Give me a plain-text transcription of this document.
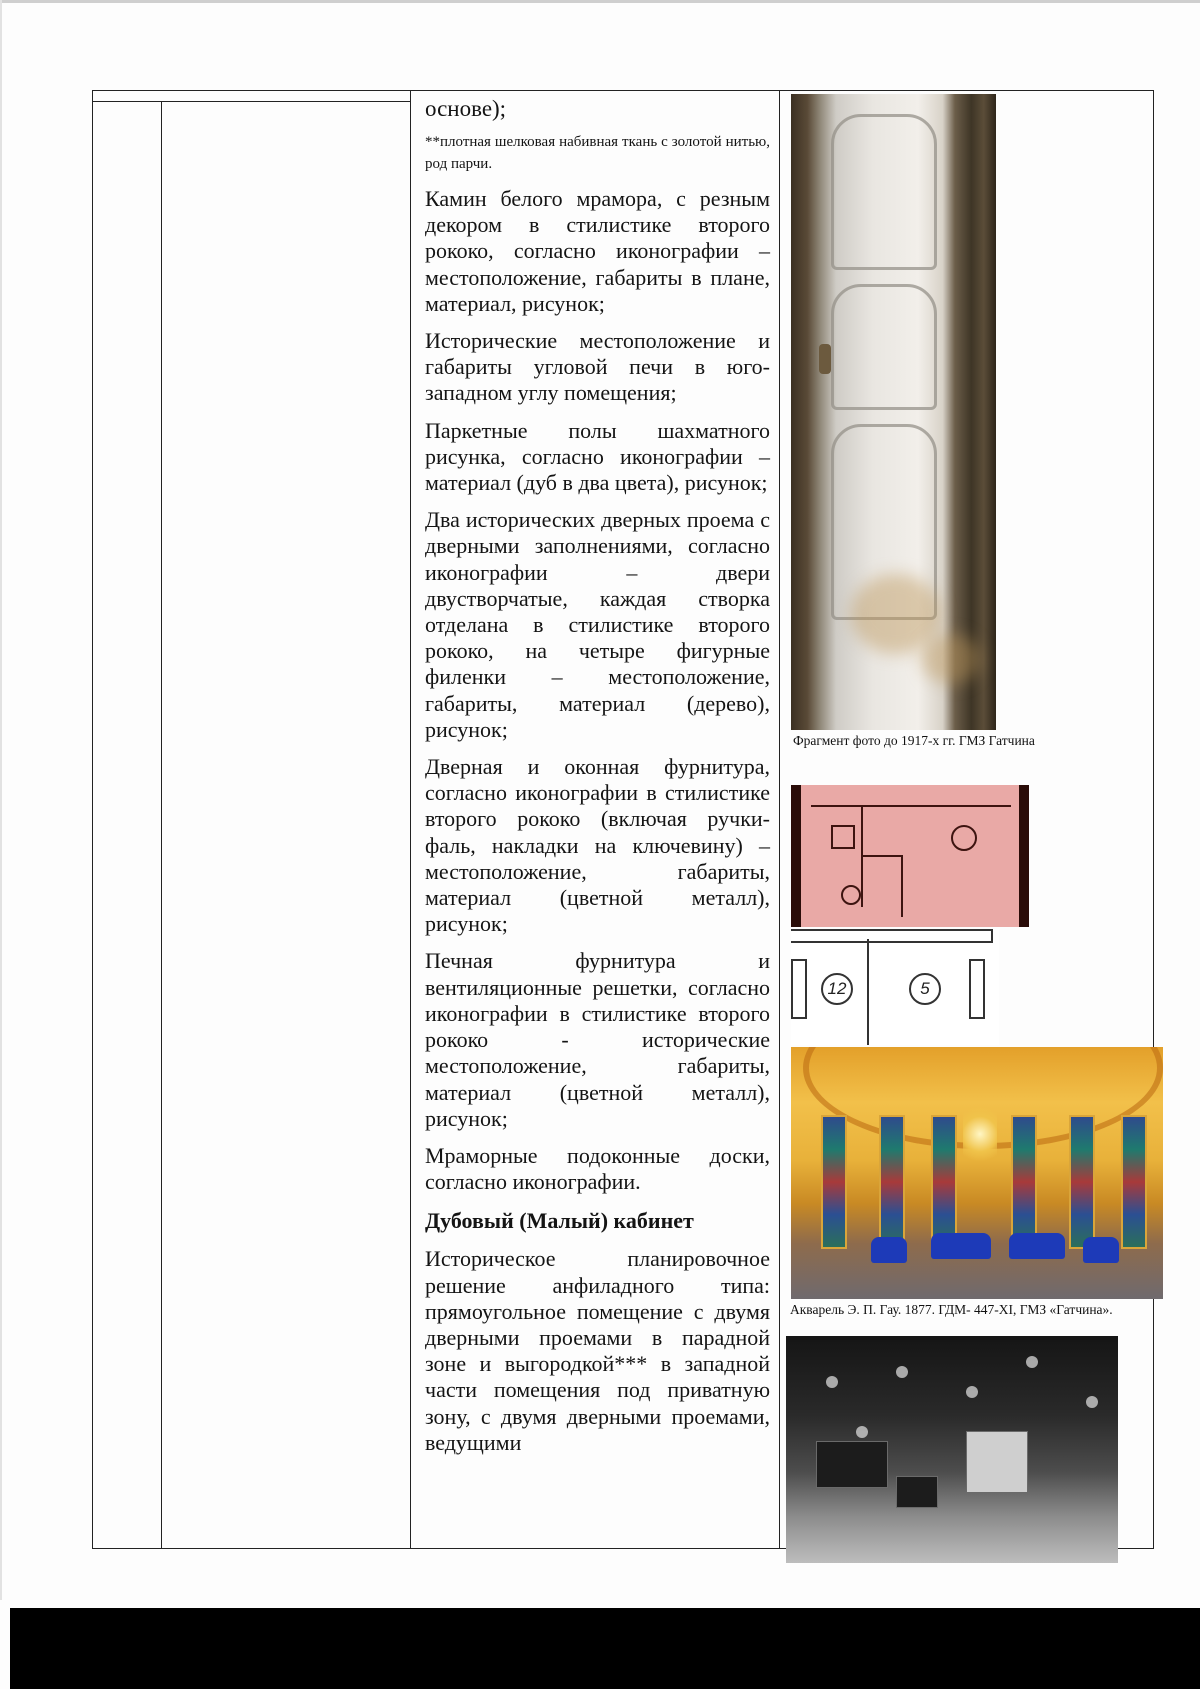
основе);

**плотная шелковая набивная ткань с золотой нитью, род парчи.

Камин белого мрамора, с резным декором в стилистике второго рококо, согласно иконографии – местоположение, габариты в плане, материал, рисунок;

Исторические местоположение и габариты угловой печи в юго-западном углу помещения;

Паркетные полы шахматного рисунка, согласно иконографии – материал (дуб в два цвета), рисунок;

Два исторических дверных проема с дверными заполнениями, согласно иконографии – двери двустворчатые, каждая створка отделана в стилистике второго рококо, на четыре фигурные филенки – местоположение, габариты, материал (дерево), рисунок;

Дверная и оконная фурнитура, согласно иконографии в стилистике второго рококо (включая ручки-фаль, накладки на ключевину) – местоположение, габариты, материал (цветной металл), рисунок;

Печная фурнитура и вентиляционные решетки, согласно иконографии в стилистике второго рококо - исторические местоположение, габариты, материал (цветной металл), рисунок;

Мраморные подоконные доски, согласно иконографии.

Дубовый (Малый) кабинет

Историческое планировочное решение анфиладного типа: прямоугольное помещение с двумя дверными проемами в парадной зоне и выгородкой*** в западной части помещения под приватную зону, с двумя дверными проемами, ведущими

Фрагмент фото до 1917-х гг. ГМЗ Гатчина
12	5
Акварель Э. П. Гау. 1877. ГДМ- 447-XI, ГМЗ «Гатчина».
